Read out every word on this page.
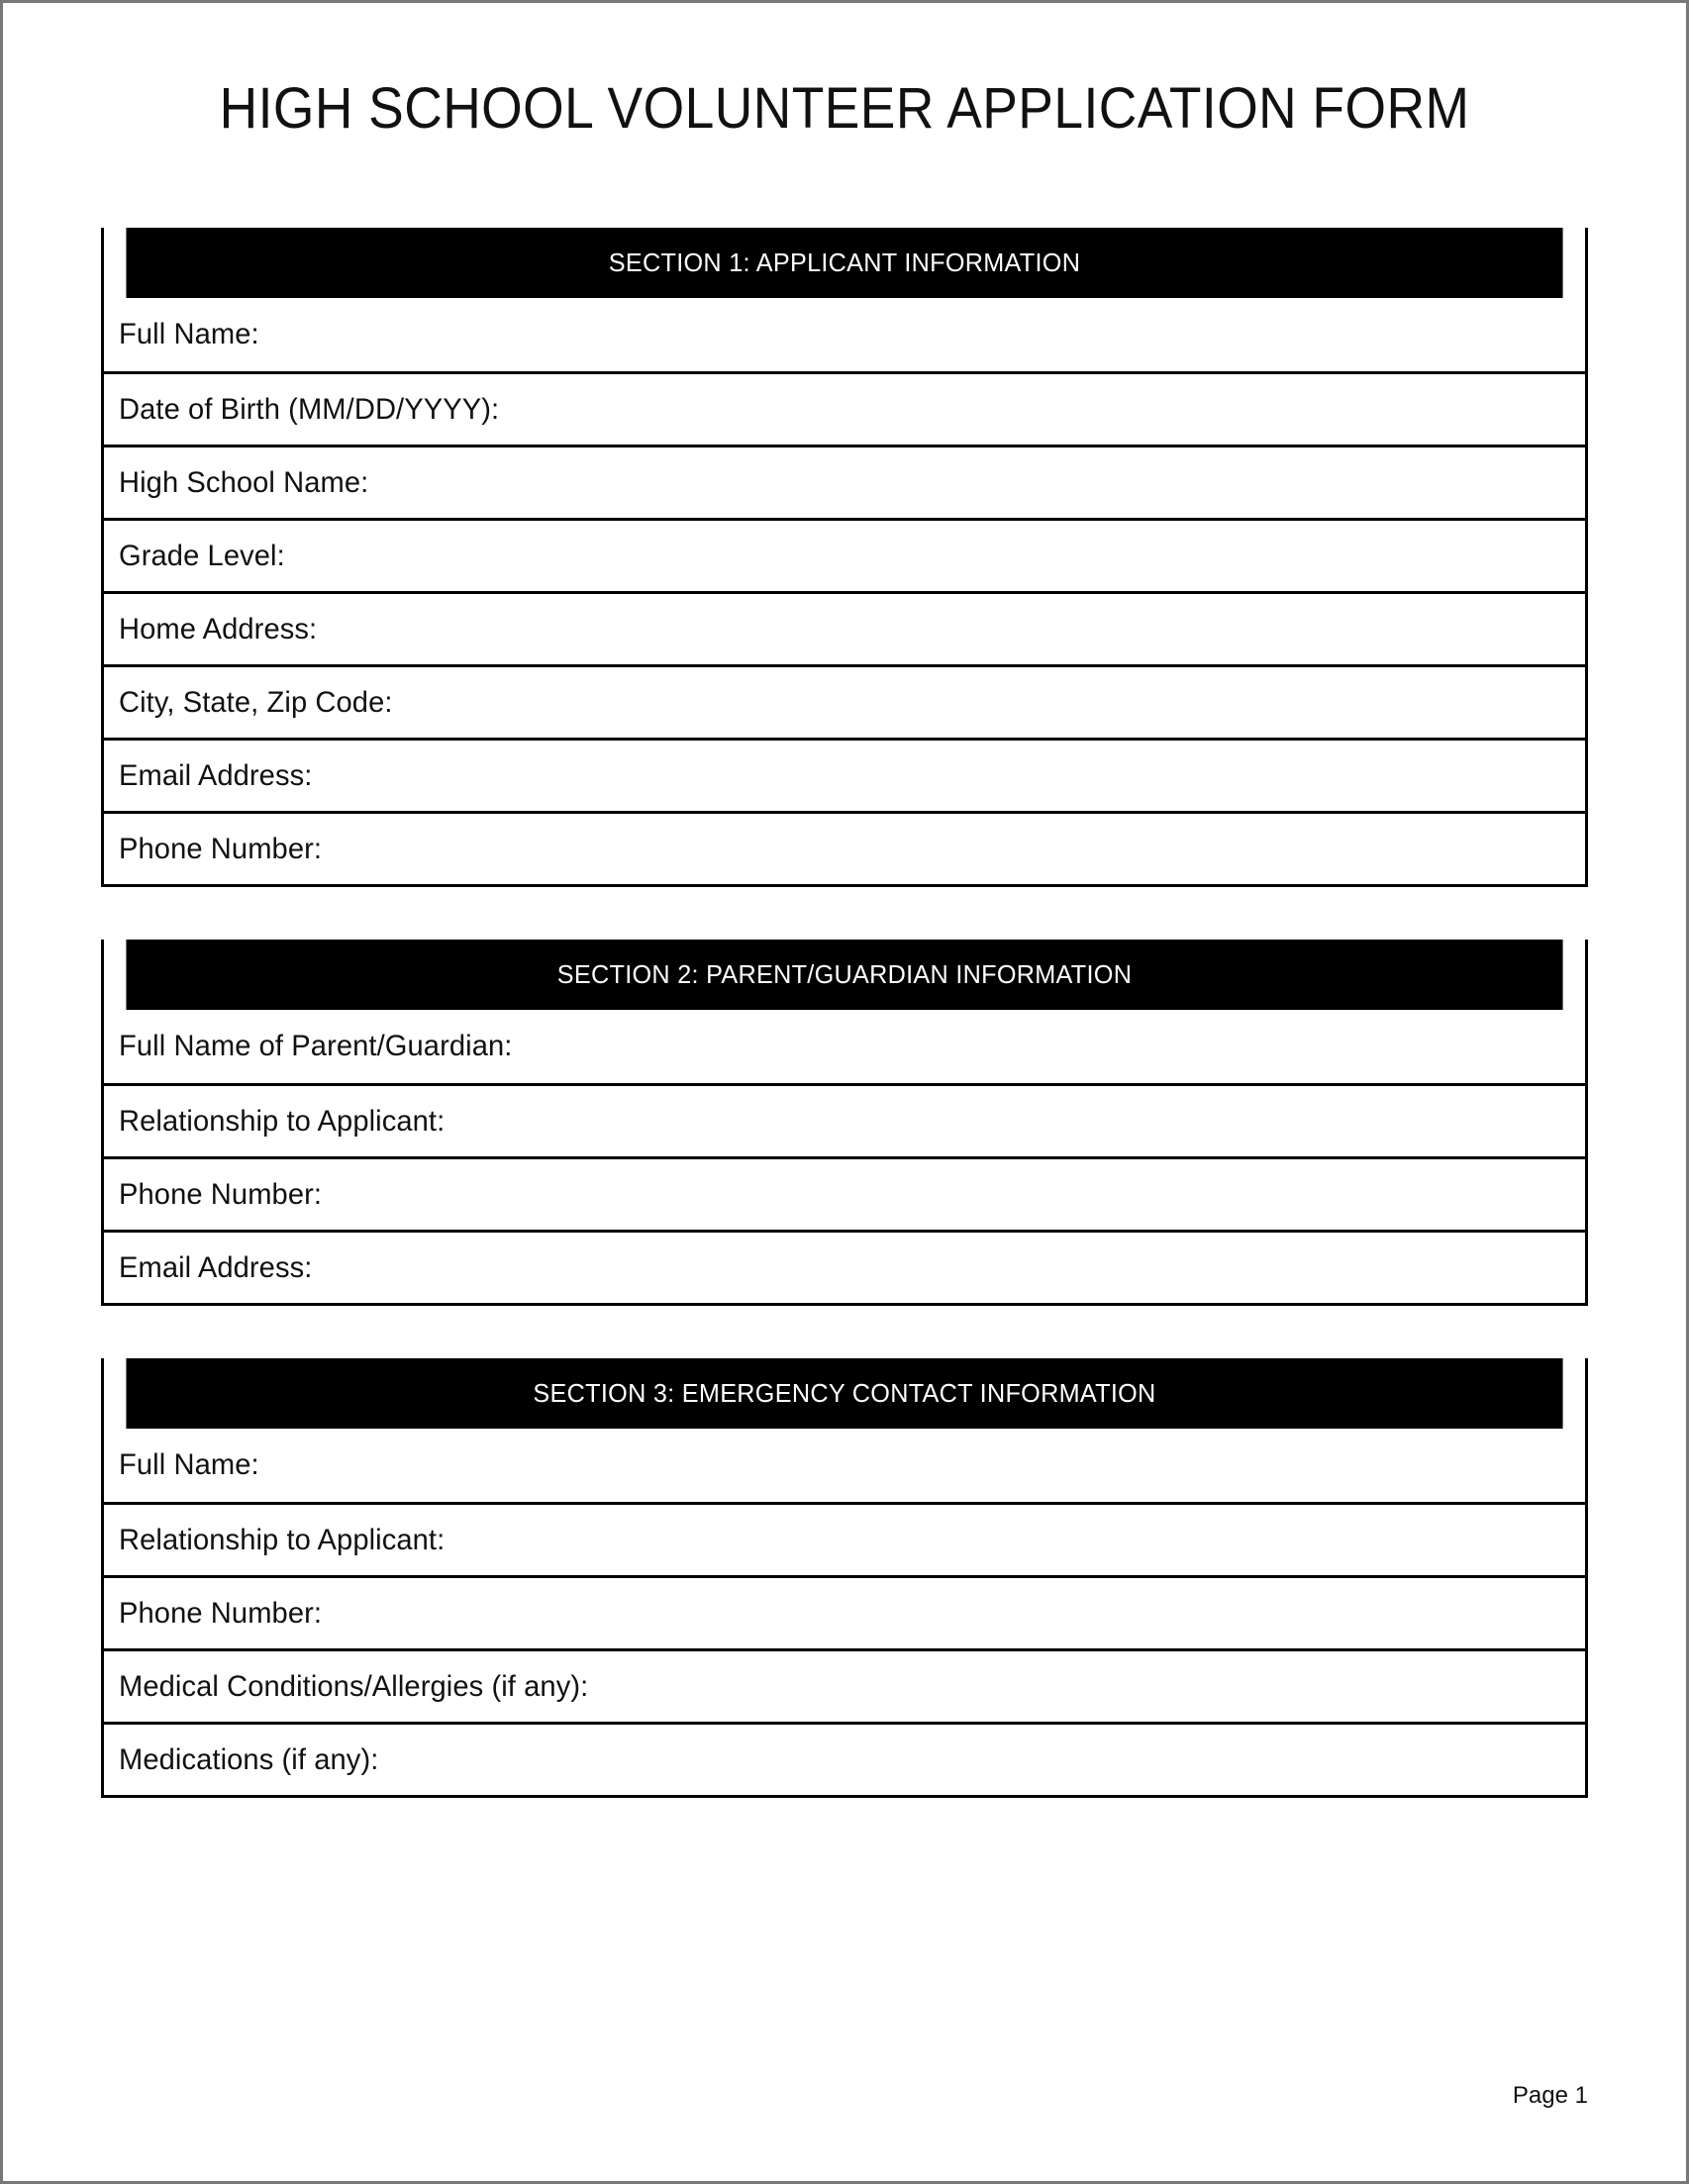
HIGH SCHOOL VOLUNTEER APPLICATION FORM
SECTION 1: APPLICANT INFORMATION
Full Name:
Date of Birth (MM/DD/YYYY):
High School Name:
Grade Level:
Home Address:
City, State, Zip Code:
Email Address:
Phone Number:
SECTION 2: PARENT/GUARDIAN INFORMATION
Full Name of Parent/Guardian:
Relationship to Applicant:
Phone Number:
Email Address:
SECTION 3: EMERGENCY CONTACT INFORMATION
Full Name:
Relationship to Applicant:
Phone Number:
Medical Conditions/Allergies (if any):
Medications (if any):
Page 1
